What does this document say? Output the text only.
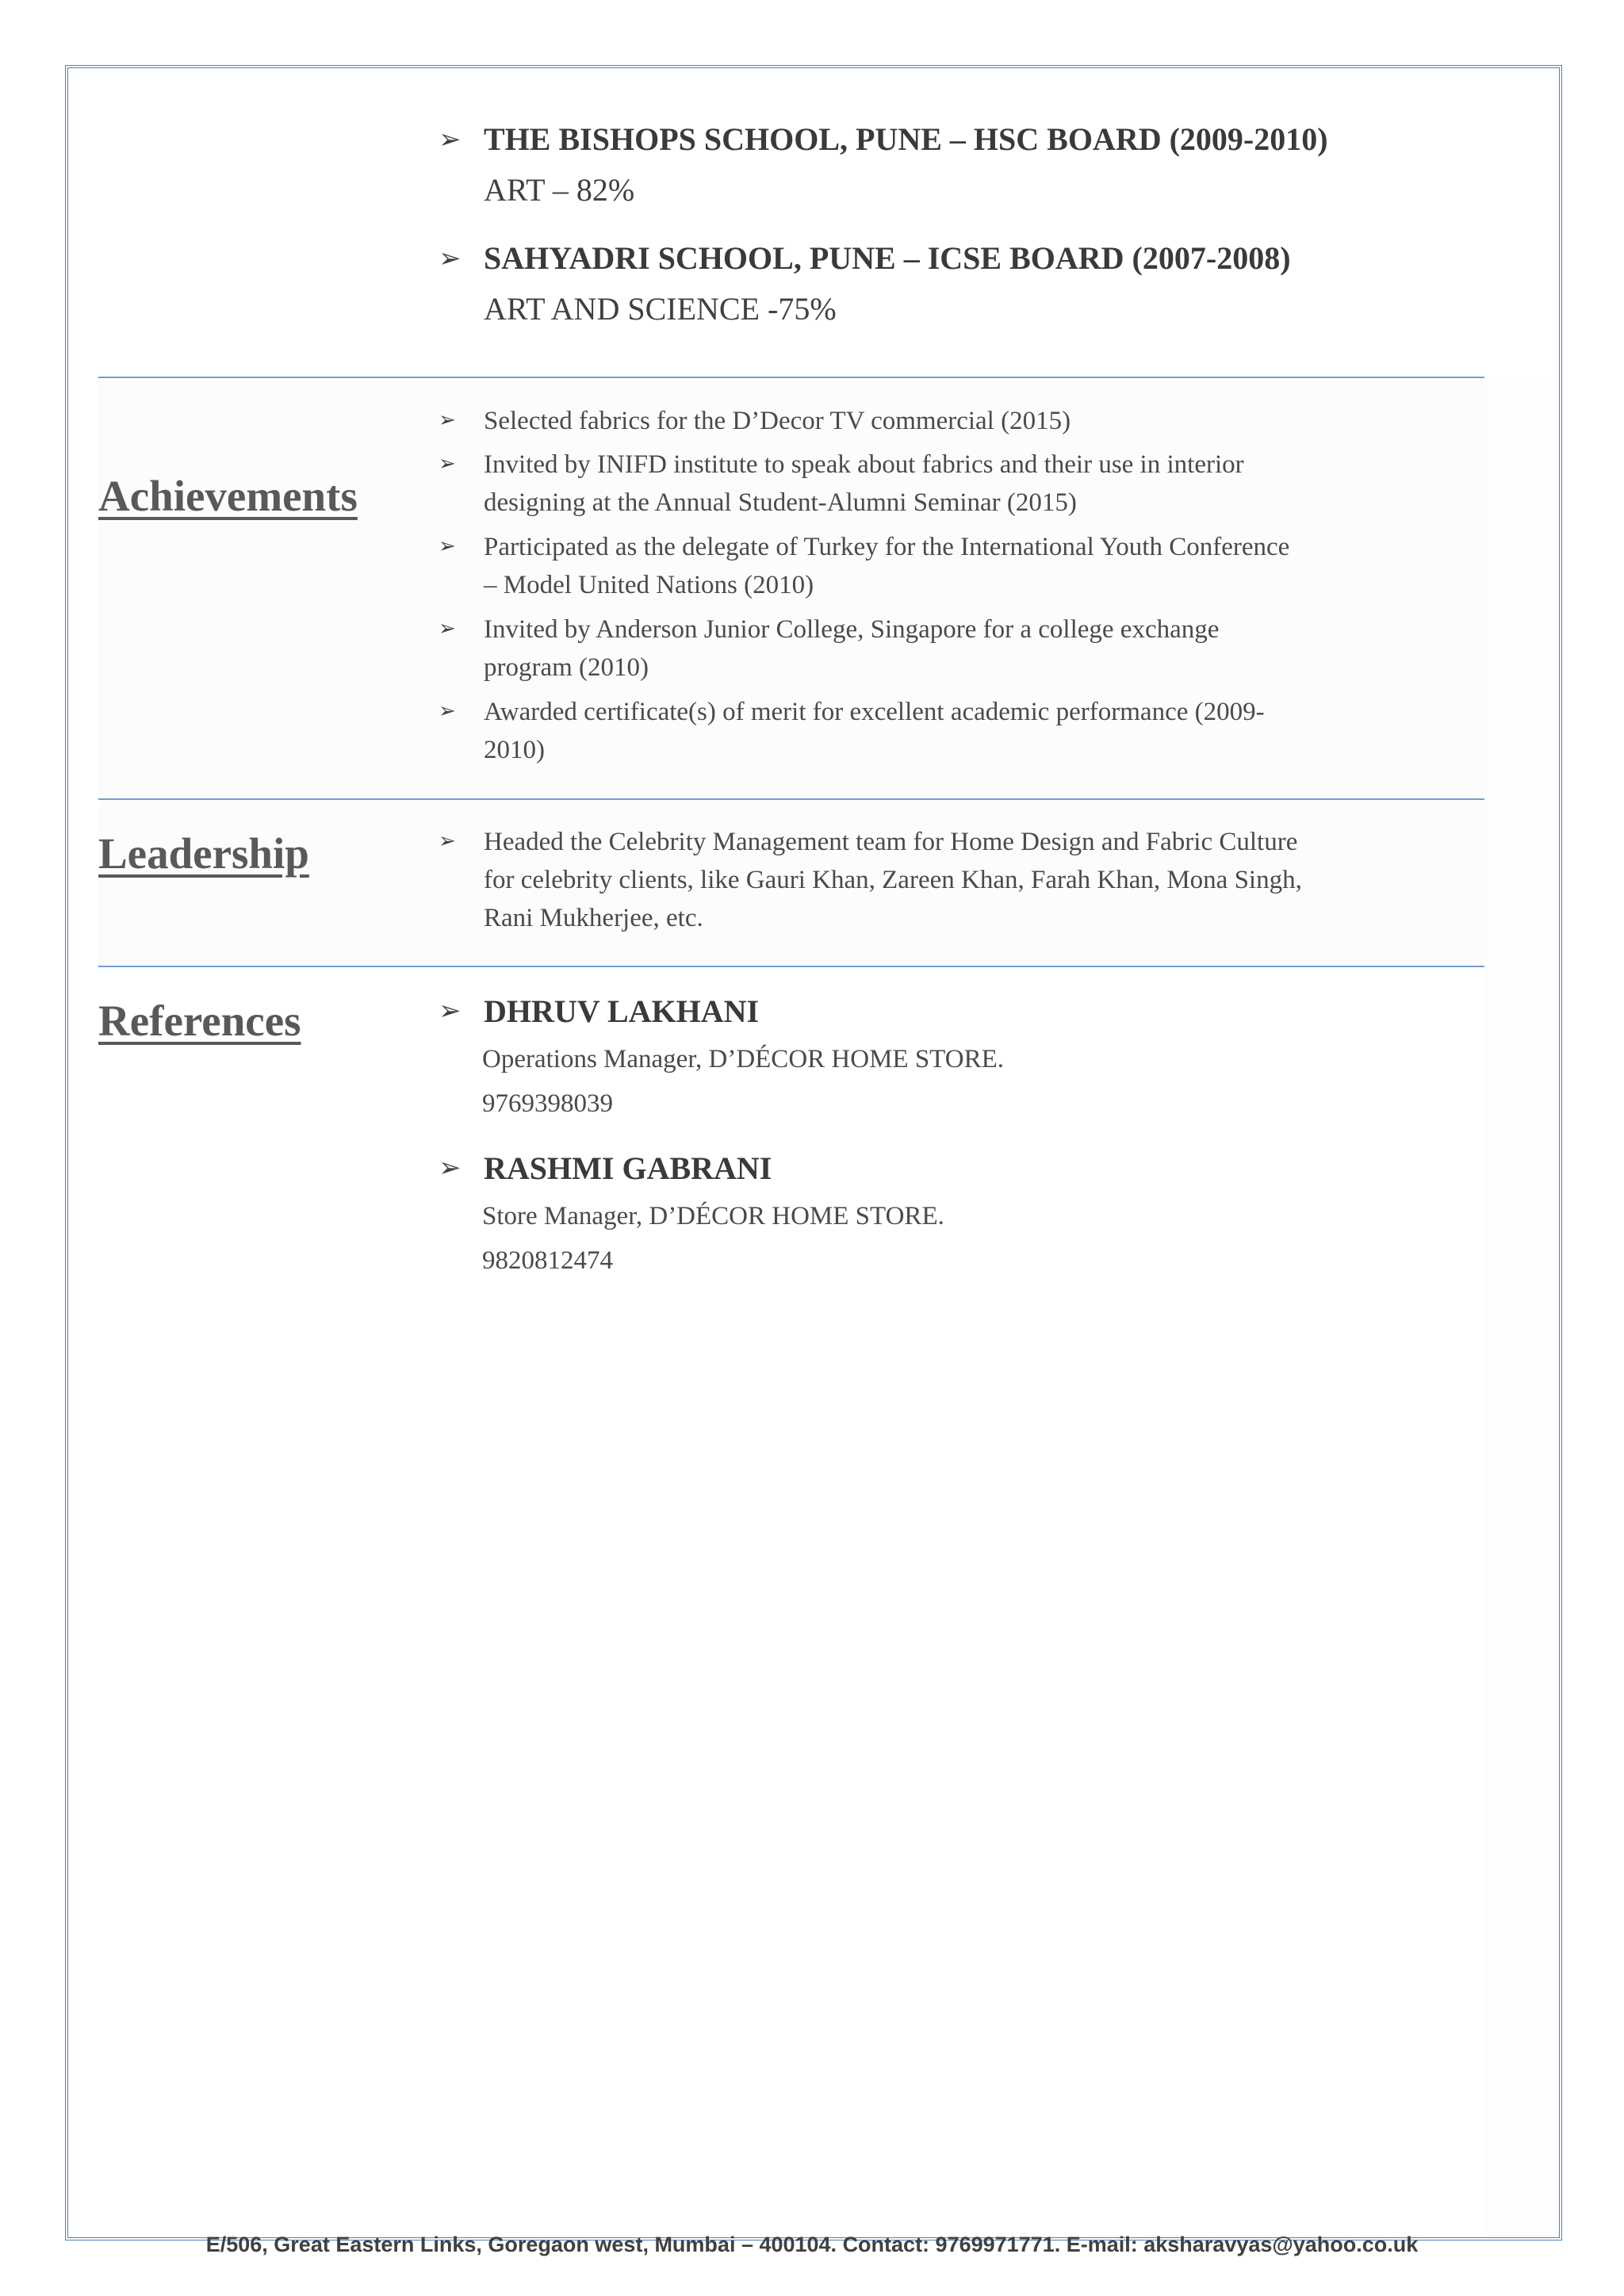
➢ THE BISHOPS SCHOOL, PUNE – HSC BOARD (2009-2010)
ART – 82%
➢ SAHYADRI SCHOOL, PUNE – ICSE BOARD (2007-2008)
ART AND SCIENCE -75%
Achievements
➢ Selected fabrics for the D’Decor TV commercial (2015)
➢ Invited by INIFD institute to speak about fabrics and their use in interior designing at the Annual Student-Alumni Seminar (2015)
➢ Participated as the delegate of Turkey for the International Youth Conference – Model United Nations (2010)
➢ Invited by Anderson Junior College, Singapore for a college exchange program (2010)
➢ Awarded certificate(s) of merit for excellent academic performance (2009-2010)
Leadership	➢ Headed the Celebrity Management team for Home Design and Fabric Culture for celebrity clients, like Gauri Khan, Zareen Khan, Farah Khan, Mona Singh, Rani Mukherjee, etc.
References	➢ DHRUV LAKHANI
Operations Manager, D’DÉCOR HOME STORE.
9769398039
➢ RASHMI GABRANI
Store Manager, D’DÉCOR HOME STORE.
9820812474
E/506, Great Eastern Links, Goregaon west, Mumbai – 400104. Contact: 9769971771. E-mail: aksharavyas@yahoo.co.uk
